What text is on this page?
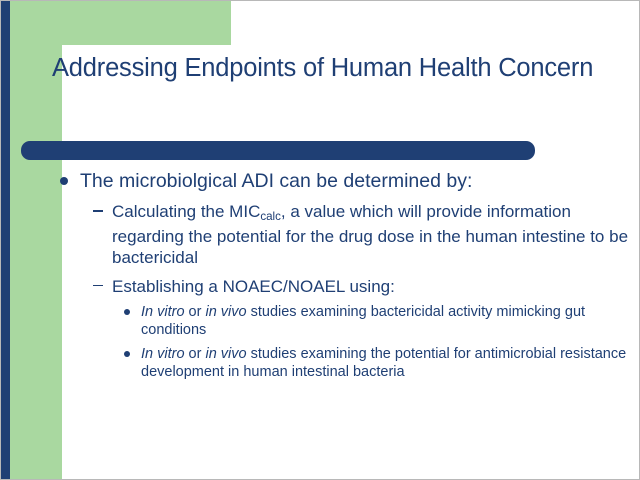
Addressing Endpoints of Human Health Concern
The microbiolgical ADI can be determined by:
Calculating the $MIC_{calc}$, a value which will provide information regarding the potential for the drug dose in the human intestine to be bactericidal
Establishing a NOAEC/NOAEL using:
In vitro or in vivo studies examining bactericidal activity mimicking gut conditions
In vitro or in vivo studies examining the potential for antimicrobial resistance development in human intestinal bacteria
